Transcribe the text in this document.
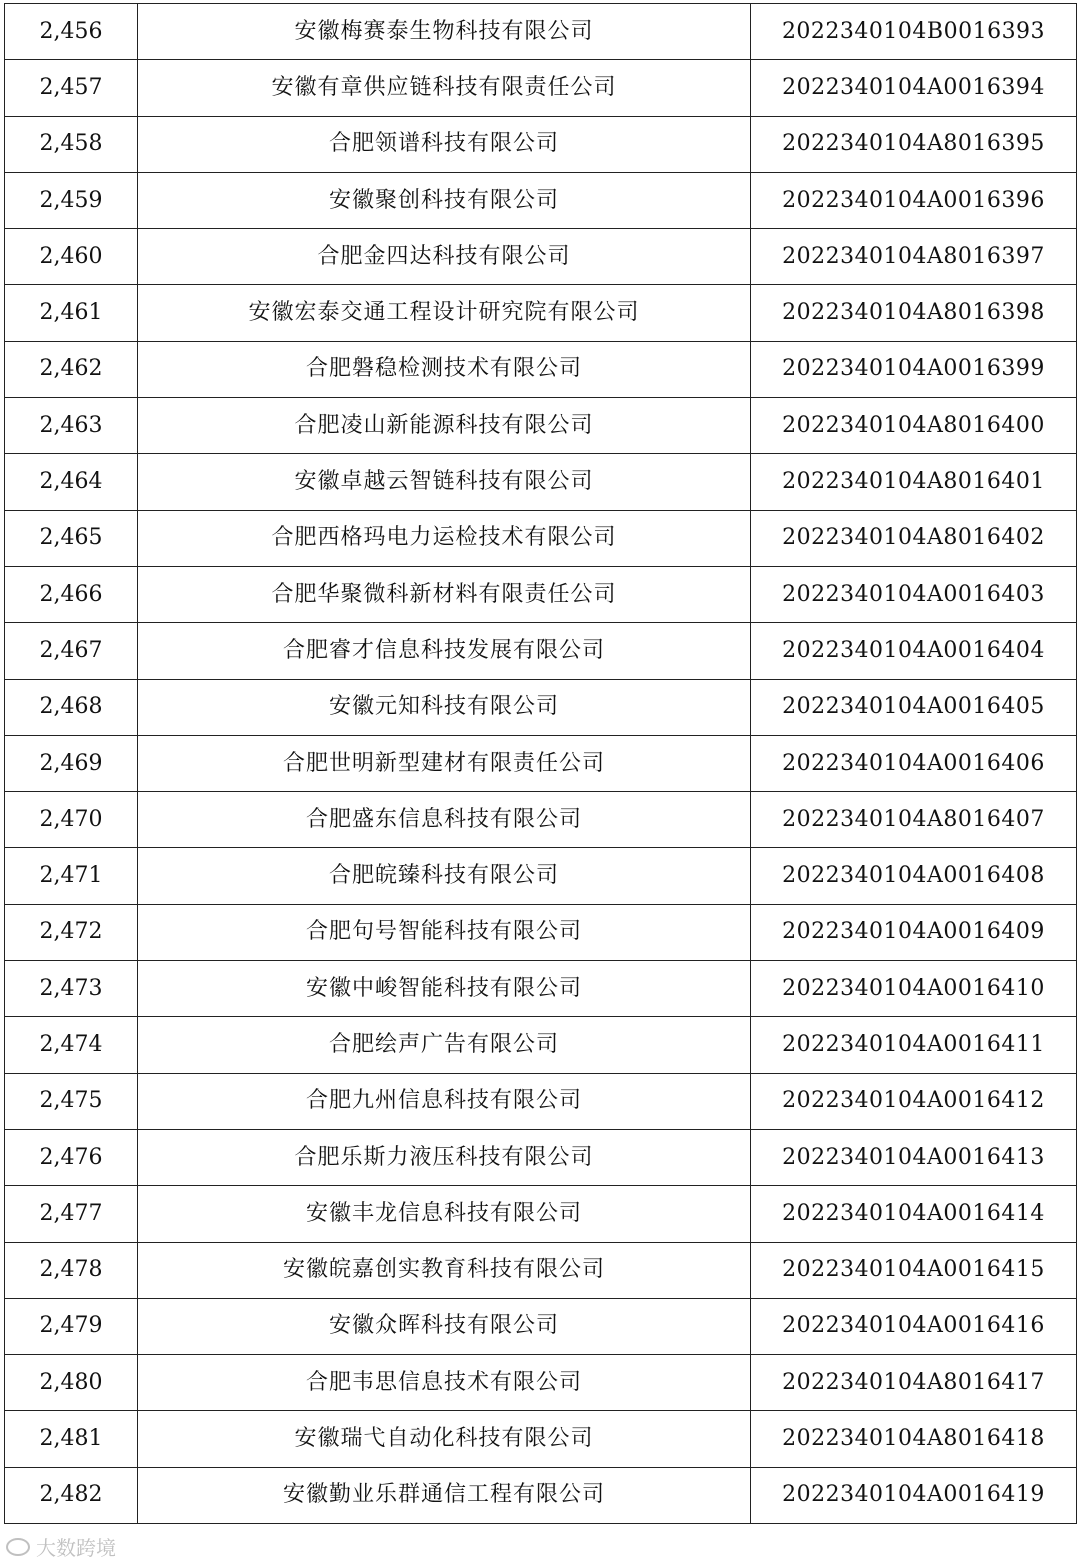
2,456	安徽梅赛泰生物科技有限公司	2022340104B0016393
2,457	安徽有章供应链科技有限责任公司	2022340104A0016394
2,458	合肥领谱科技有限公司	2022340104A8016395
2,459	安徽聚创科技有限公司	2022340104A0016396
2,460	合肥金四达科技有限公司	2022340104A8016397
2,461	安徽宏泰交通工程设计研究院有限公司	2022340104A8016398
2,462	合肥磐稳检测技术有限公司	2022340104A0016399
2,463	合肥凌山新能源科技有限公司	2022340104A8016400
2,464	安徽卓越云智链科技有限公司	2022340104A8016401
2,465	合肥西格玛电力运检技术有限公司	2022340104A8016402
2,466	合肥华聚微科新材料有限责任公司	2022340104A0016403
2,467	合肥睿才信息科技发展有限公司	2022340104A0016404
2,468	安徽元知科技有限公司	2022340104A0016405
2,469	合肥世明新型建材有限责任公司	2022340104A0016406
2,470	合肥盛东信息科技有限公司	2022340104A8016407
2,471	合肥皖臻科技有限公司	2022340104A0016408
2,472	合肥句号智能科技有限公司	2022340104A0016409
2,473	安徽中峻智能科技有限公司	2022340104A0016410
2,474	合肥绘声广告有限公司	2022340104A0016411
2,475	合肥九州信息科技有限公司	2022340104A0016412
2,476	合肥乐斯力液压科技有限公司	2022340104A0016413
2,477	安徽丰龙信息科技有限公司	2022340104A0016414
2,478	安徽皖嘉创实教育科技有限公司	2022340104A0016415
2,479	安徽众晖科技有限公司	2022340104A0016416
2,480	合肥韦思信息技术有限公司	2022340104A8016417
2,481	安徽瑞弋自动化科技有限公司	2022340104A8016418
2,482	安徽勤业乐群通信工程有限公司	2022340104A0016419
大数跨境
